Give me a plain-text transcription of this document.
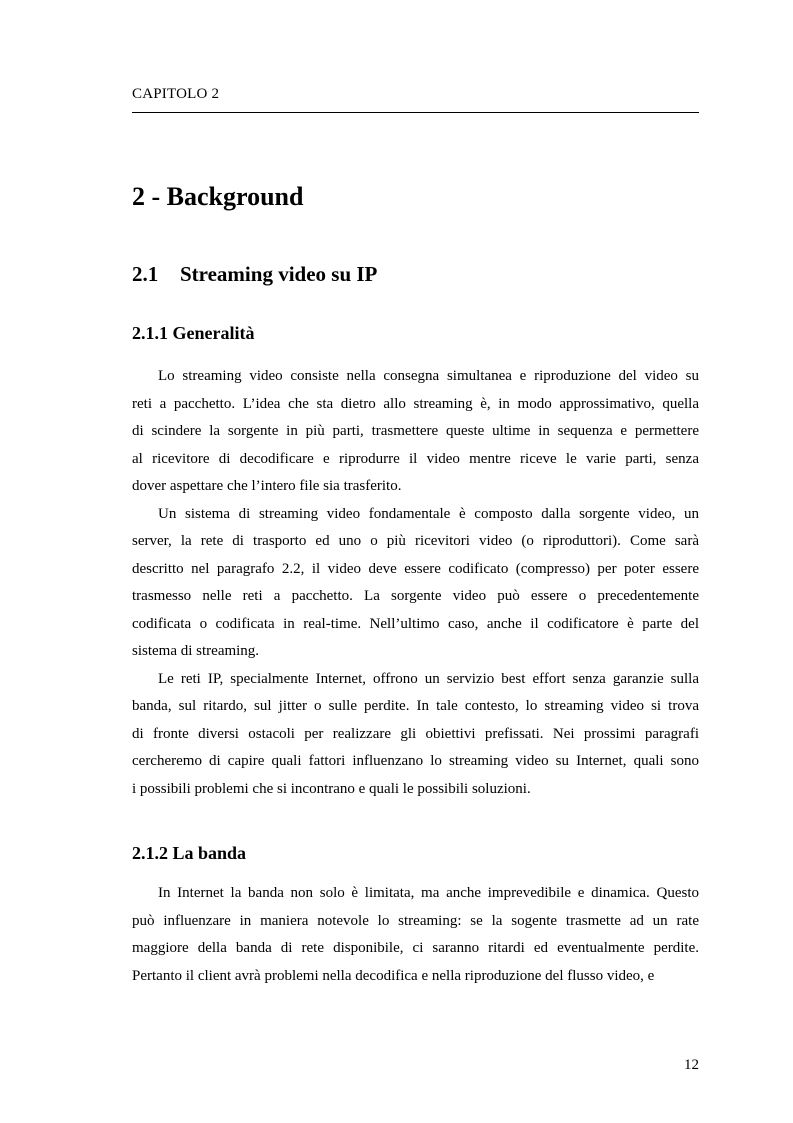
CAPITOLO 2
2 - Background
2.1 Streaming video su IP
2.1.1 Generalità

Lo streaming video consiste nella consegna simultanea e riproduzione del video su
reti a pacchetto. L’idea che sta dietro allo streaming è, in modo approssimativo, quella
di scindere la sorgente in più parti, trasmettere queste ultime in sequenza e permettere
al ricevitore di decodificare e riprodurre il video mentre riceve le varie parti, senza
dover aspettare che l’intero file sia trasferito.

Un sistema di streaming video fondamentale è composto dalla sorgente video, un
server, la rete di trasporto ed uno o più ricevitori video (o riproduttori). Come sarà
descritto nel paragrafo 2.2, il video deve essere codificato (compresso) per poter essere
trasmesso nelle reti a pacchetto. La sorgente video può essere o precedentemente
codificata o codificata in real-time. Nell’ultimo caso, anche il codificatore è parte del
sistema di streaming.

Le reti IP, specialmente Internet, offrono un servizio best effort senza garanzie sulla
banda, sul ritardo, sul jitter o sulle perdite. In tale contesto, lo streaming video si trova
di fronte diversi ostacoli per realizzare gli obiettivi prefissati. Nei prossimi paragrafi
cercheremo di capire quali fattori influenzano lo streaming video su Internet, quali sono
i possibili problemi che si incontrano e quali le possibili soluzioni.

2.1.2 La banda

In Internet la banda non solo è limitata, ma anche imprevedibile e dinamica. Questo
può influenzare in maniera notevole lo streaming: se la sogente trasmette ad un rate
maggiore della banda di rete disponibile, ci saranno ritardi ed eventualmente perdite.
Pertanto il client avrà problemi nella decodifica e nella riproduzione del flusso video, e

12
